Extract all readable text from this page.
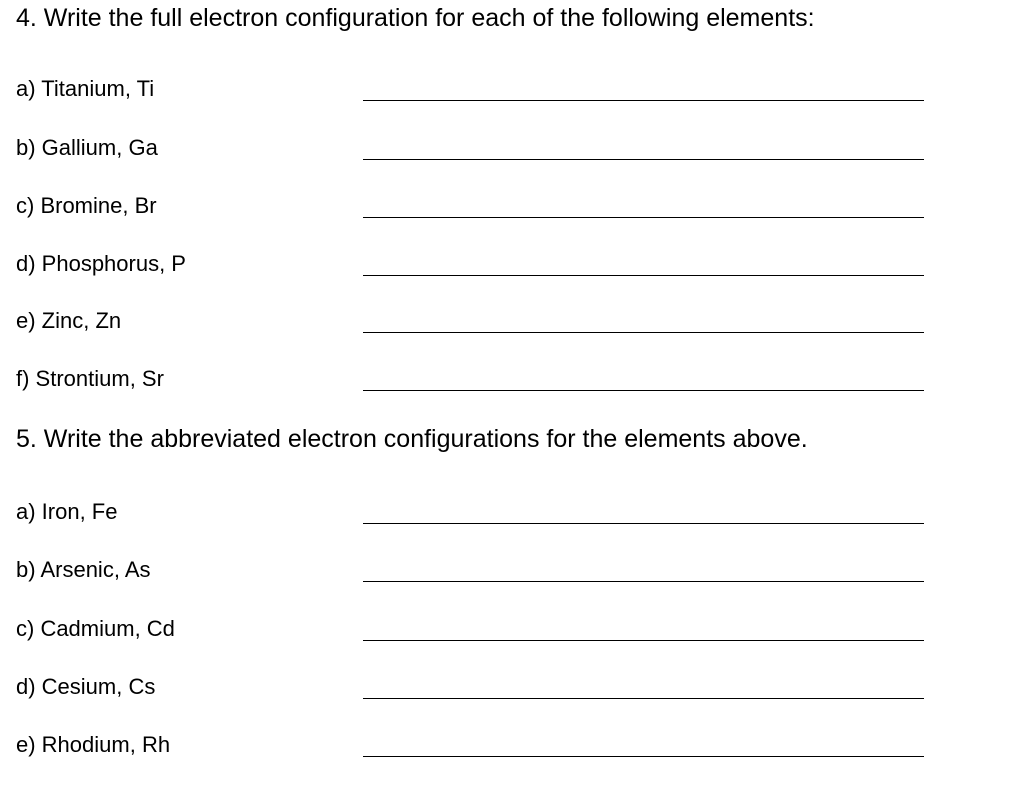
4. Write the full electron configuration for each of the following elements:
a) Titanium, Ti
b) Gallium, Ga
c) Bromine, Br
d) Phosphorus, P
e) Zinc, Zn
f) Strontium, Sr
5. Write the abbreviated electron configurations for the elements above.
a) Iron, Fe
b) Arsenic, As
c) Cadmium, Cd
d) Cesium, Cs
e) Rhodium, Rh
